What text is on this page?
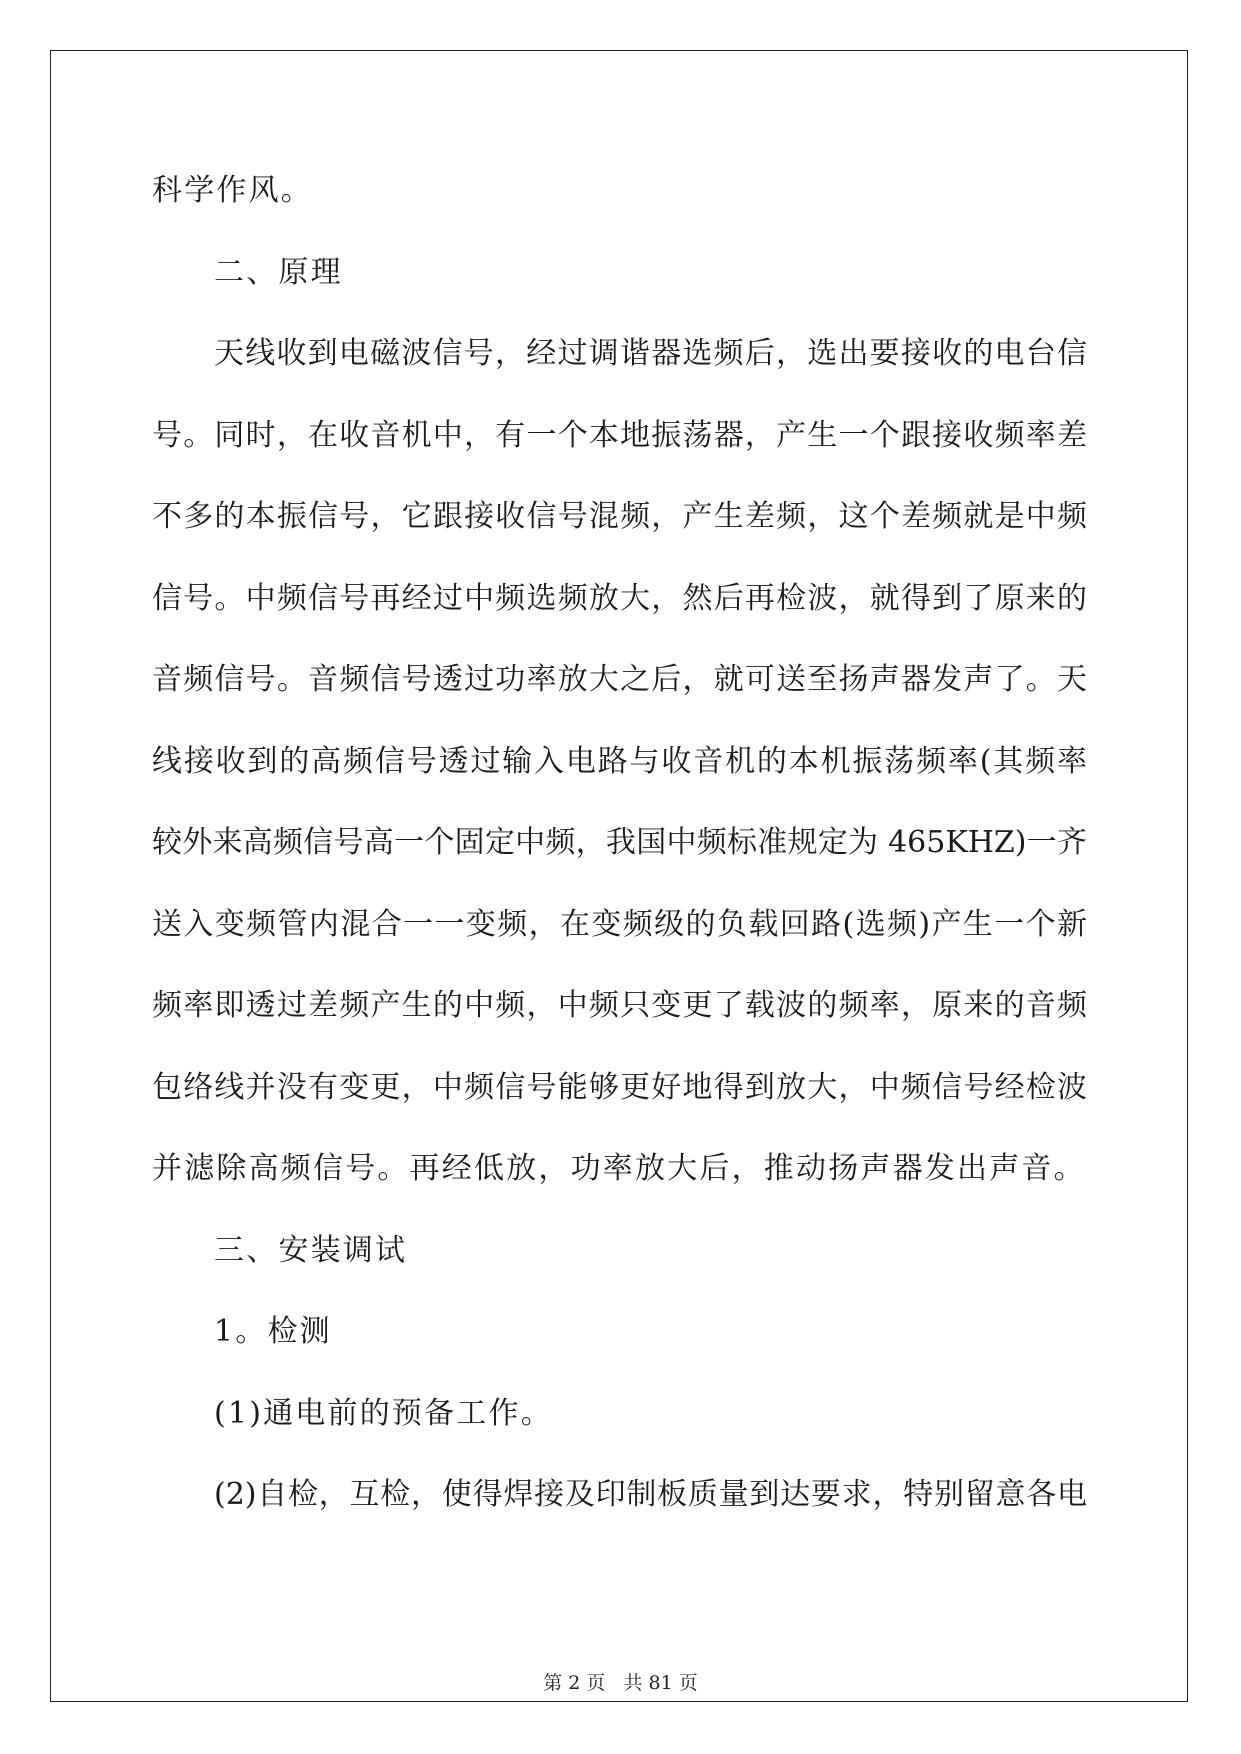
科学作风。
二、原理
天线收到电磁波信号，经过调谐器选频后，选出要接收的电台信
号。同时，在收音机中，有一个本地振荡器，产生一个跟接收频率差
不多的本振信号，它跟接收信号混频，产生差频，这个差频就是中频
信号。中频信号再经过中频选频放大，然后再检波，就得到了原来的
音频信号。音频信号透过功率放大之后，就可送至扬声器发声了。天
线接收到的高频信号透过输入电路与收音机的本机振荡频率(其频率
较外来高频信号高一个固定中频，我国中频标准规定为 465KHZ)一齐
送入变频管内混合一一变频，在变频级的负载回路(选频)产生一个新
频率即透过差频产生的中频，中频只变更了载波的频率，原来的音频
包络线并没有变更，中频信号能够更好地得到放大，中频信号经检波
并滤除高频信号。再经低放，功率放大后，推动扬声器发出声音。
三、安装调试
1。检测
(1)通电前的预备工作。
(2)自检，互检，使得焊接及印制板质量到达要求，特别留意各电
第 2 页   共 81 页
